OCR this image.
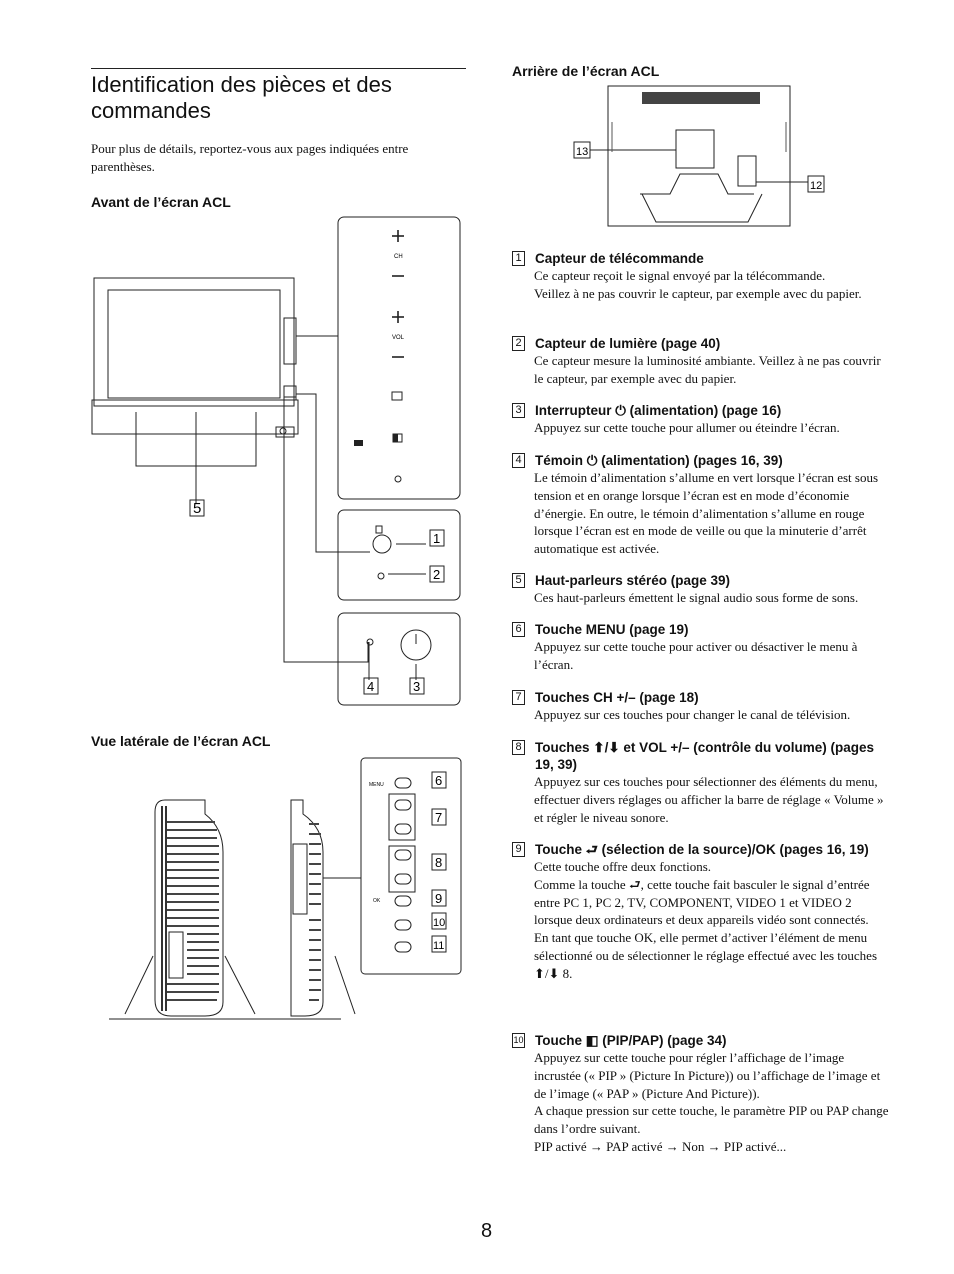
Identification des pièces et des commandes

Pour plus de détails, reportez-vous aux pages indiquées entre parenthèses.

Avant de l’écran ACL

CH
VOL
5
1
2
3
4

Vue latérale de l’écran ACL

MENU
OK
6
7
8
9
10
11

Arrière de l’écran ACL

13
12
1 Capteur de télécommande

Ce capteur reçoit le signal envoyé par la télécommande.

Veillez à ne pas couvrir le capteur, par exemple avec du papier.

2 Capteur de lumière (page 40)

Ce capteur mesure la luminosité ambiante. Veillez à ne pas couvrir le capteur, par exemple avec du papier.

3 Interrupteur ⏻ (alimentation) (page 16)

Appuyez sur cette touche pour allumer ou éteindre l’écran.

4 Témoin ⏻ (alimentation) (pages 16, 39)

Le témoin d’alimentation s’allume en vert lorsque l’écran est sous tension et en orange lorsque l’écran est en mode d’économie d’énergie. En outre, le témoin d’alimentation s’allume en rouge lorsque l’écran est en mode de veille ou que la minuterie d’arrêt automatique est activée.

5 Haut-parleurs stéréo (page 39)

Ces haut-parleurs émettent le signal audio sous forme de sons.

6 Touche MENU (page 19)

Appuyez sur cette touche pour activer ou désactiver le menu à l’écran.

7 Touches CH +/– (page 18)

Appuyez sur ces touches pour changer le canal de télévision.

8 Touches ⬆/⬇ et VOL +/– (contrôle du volume) (pages 19, 39)

Appuyez sur ces touches pour sélectionner des éléments du menu, effectuer divers réglages ou afficher la barre de réglage « Volume » et régler le niveau sonore.

9 Touche ⮐ (sélection de la source)/OK (pages 16, 19)

Cette touche offre deux fonctions.

Comme la touche ⮐, cette touche fait basculer le signal d’entrée entre PC 1, PC 2, TV, COMPONENT, VIDEO 1 et VIDEO 2 lorsque deux ordinateurs et deux appareils vidéo sont connectés.

En tant que touche OK, elle permet d’activer l’élément de menu sélectionné ou de sélectionner le réglage effectué avec les touches ⬆/⬇ 8.

10 Touche ◧ (PIP/PAP) (page 34)

Appuyez sur cette touche pour régler l’affichage de l’image incrustée (« PIP » (Picture In Picture)) ou l’affichage de l’image et de l’image (« PAP » (Picture And Picture)).

A chaque pression sur cette touche, le paramètre PIP ou PAP change dans l’ordre suivant.

PIP activé → PAP activé → Non → PIP activé...

8
